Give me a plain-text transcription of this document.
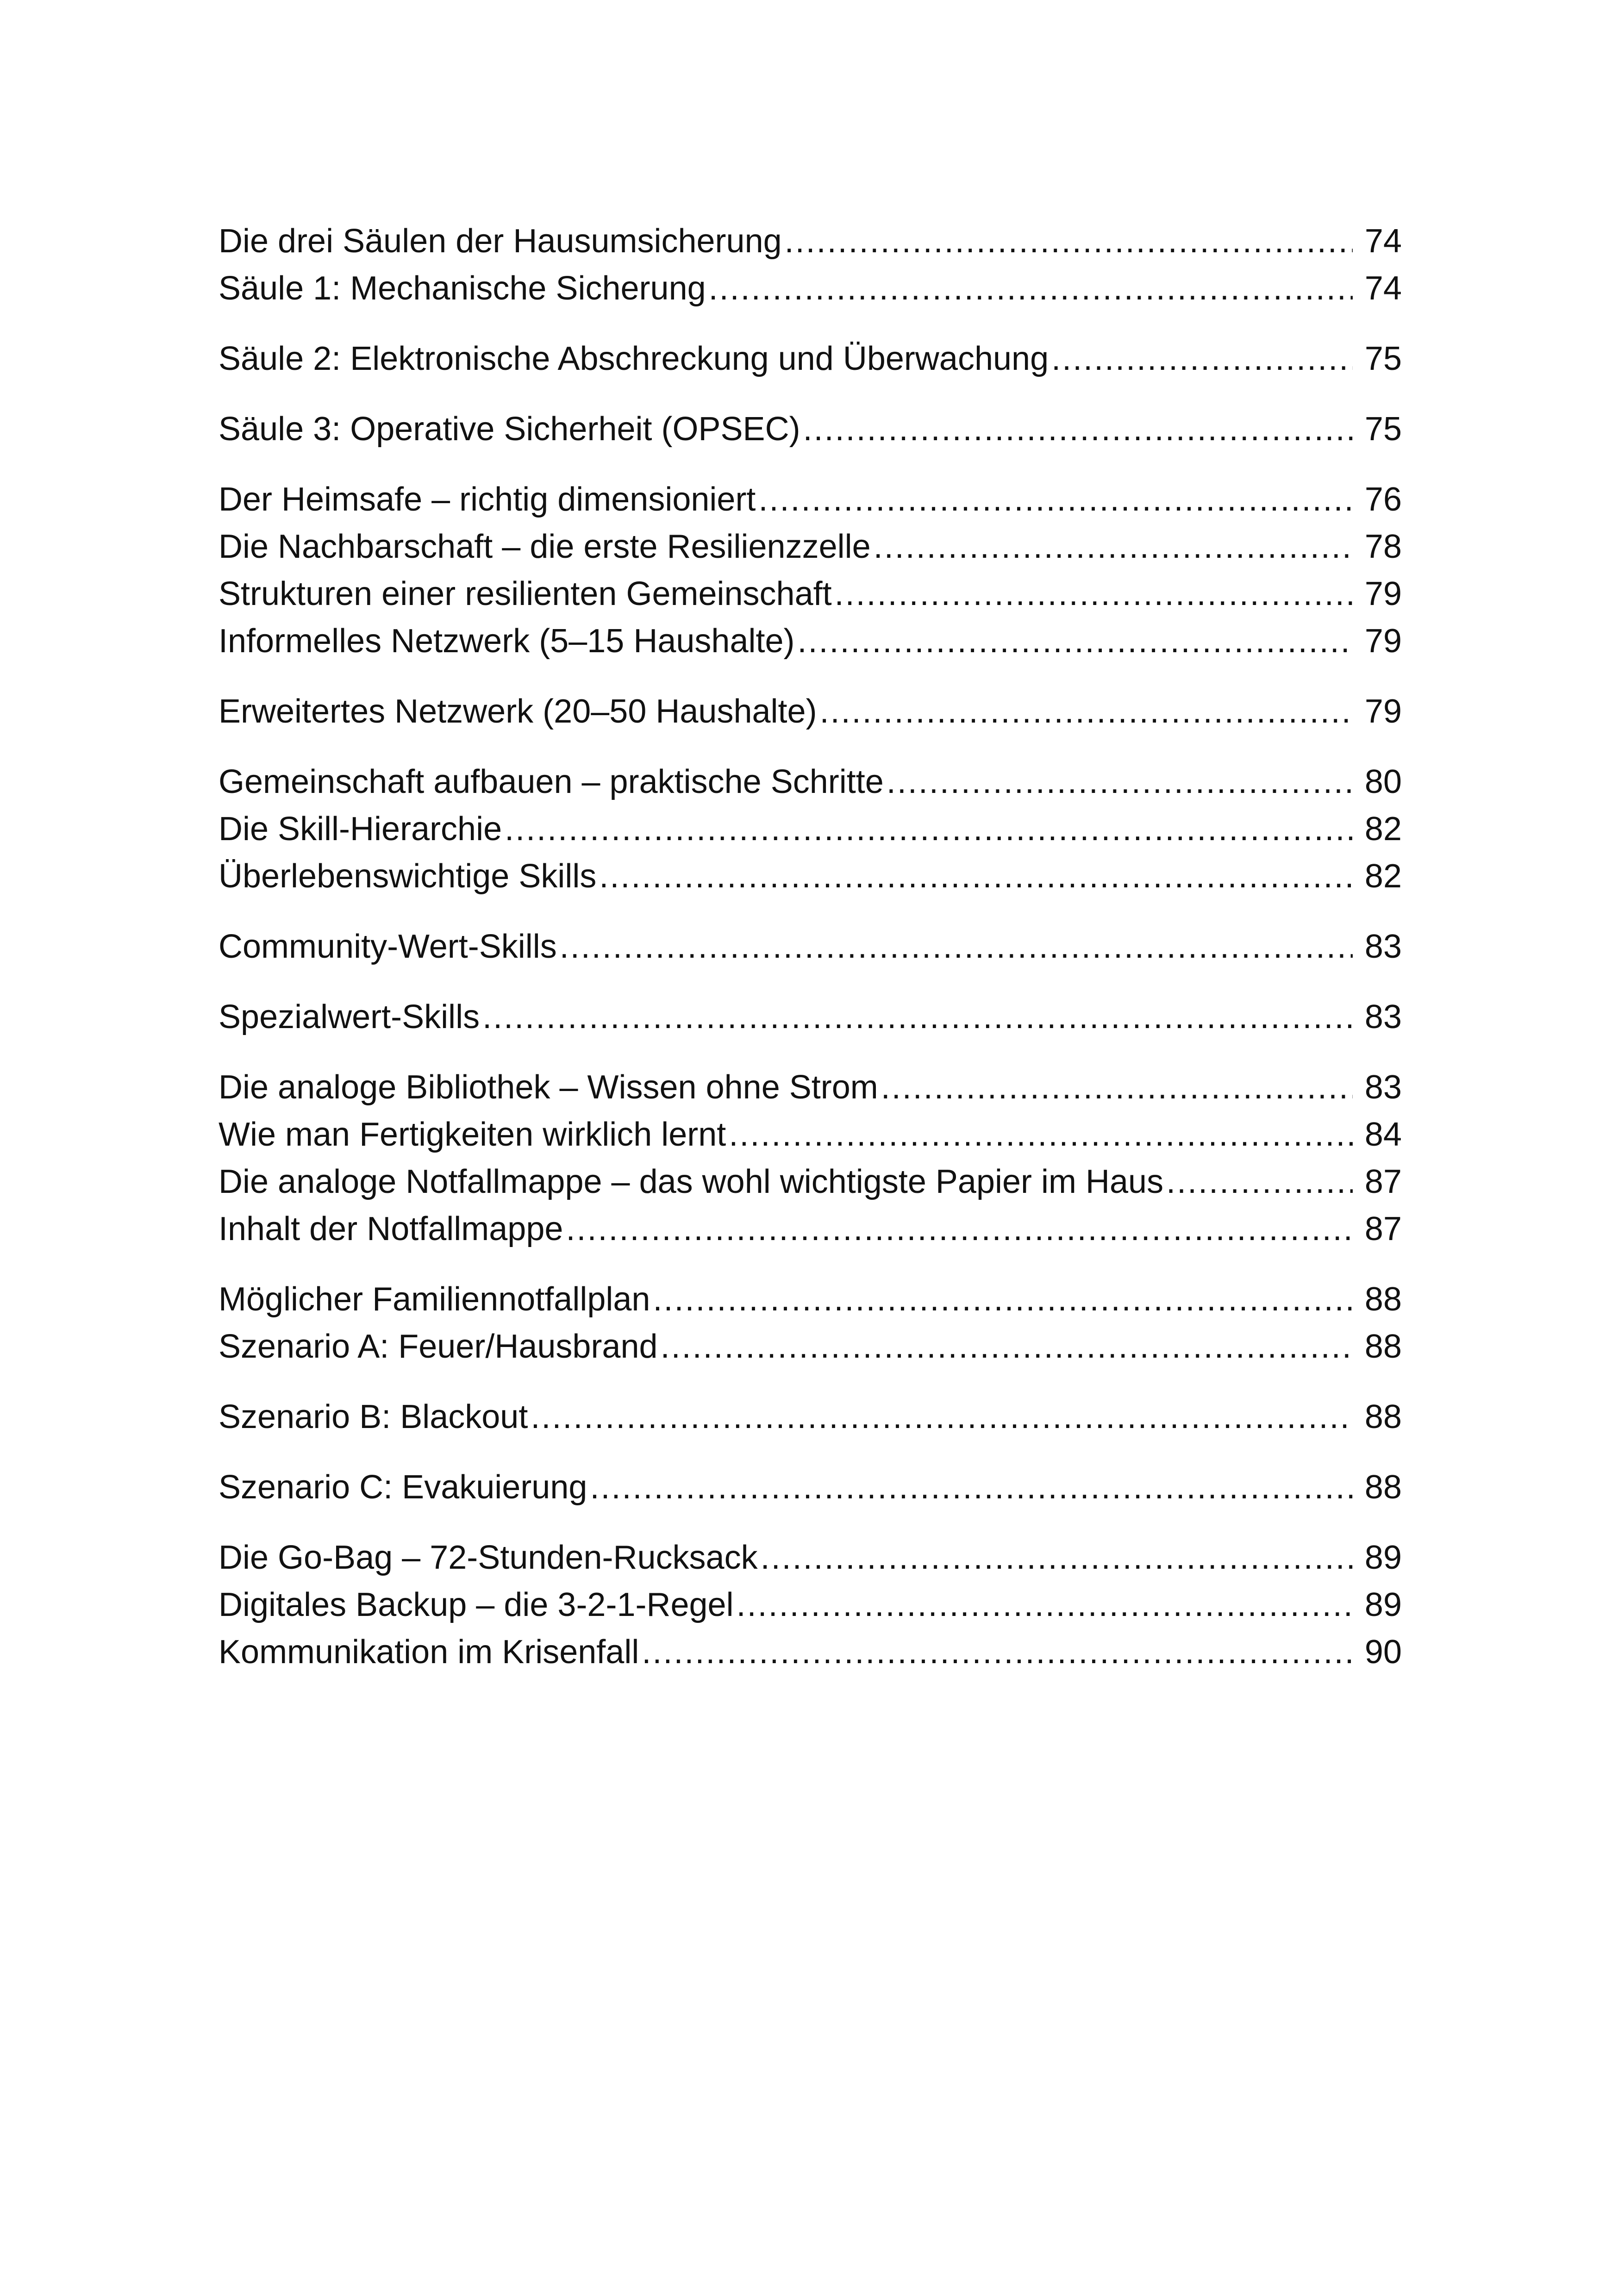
Die drei Säulen der Hausumsicherung .....	74
Säule 1: Mechanische Sicherung .....	74
Säule 2: Elektronische Abschreckung und Überwachung .....	75
Säule 3: Operative Sicherheit (OPSEC) .....	75
Der Heimsafe – richtig dimensioniert .....	76
Die Nachbarschaft – die erste Resilienzzelle .....	78
Strukturen einer resilienten Gemeinschaft .....	79
Informelles Netzwerk (5–15 Haushalte) .....	79
Erweitertes Netzwerk (20–50 Haushalte) .....	79
Gemeinschaft aufbauen – praktische Schritte .....	80
Die Skill-Hierarchie .....	82
Überlebenswichtige Skills .....	82
Community-Wert-Skills .....	83
Spezialwert-Skills .....	83
Die analoge Bibliothek – Wissen ohne Strom .....	83
Wie man Fertigkeiten wirklich lernt .....	84
Die analoge Notfallmappe – das wohl wichtigste Papier im Haus .....	87
Inhalt der Notfallmappe .....	87
Möglicher Familiennotfallplan .....	88
Szenario A: Feuer/Hausbrand .....	88
Szenario B: Blackout .....	88
Szenario C: Evakuierung .....	88
Die Go-Bag – 72-Stunden-Rucksack .....	89
Digitales Backup – die 3-2-1-Regel .....	89
Kommunikation im Krisenfall .....	90
